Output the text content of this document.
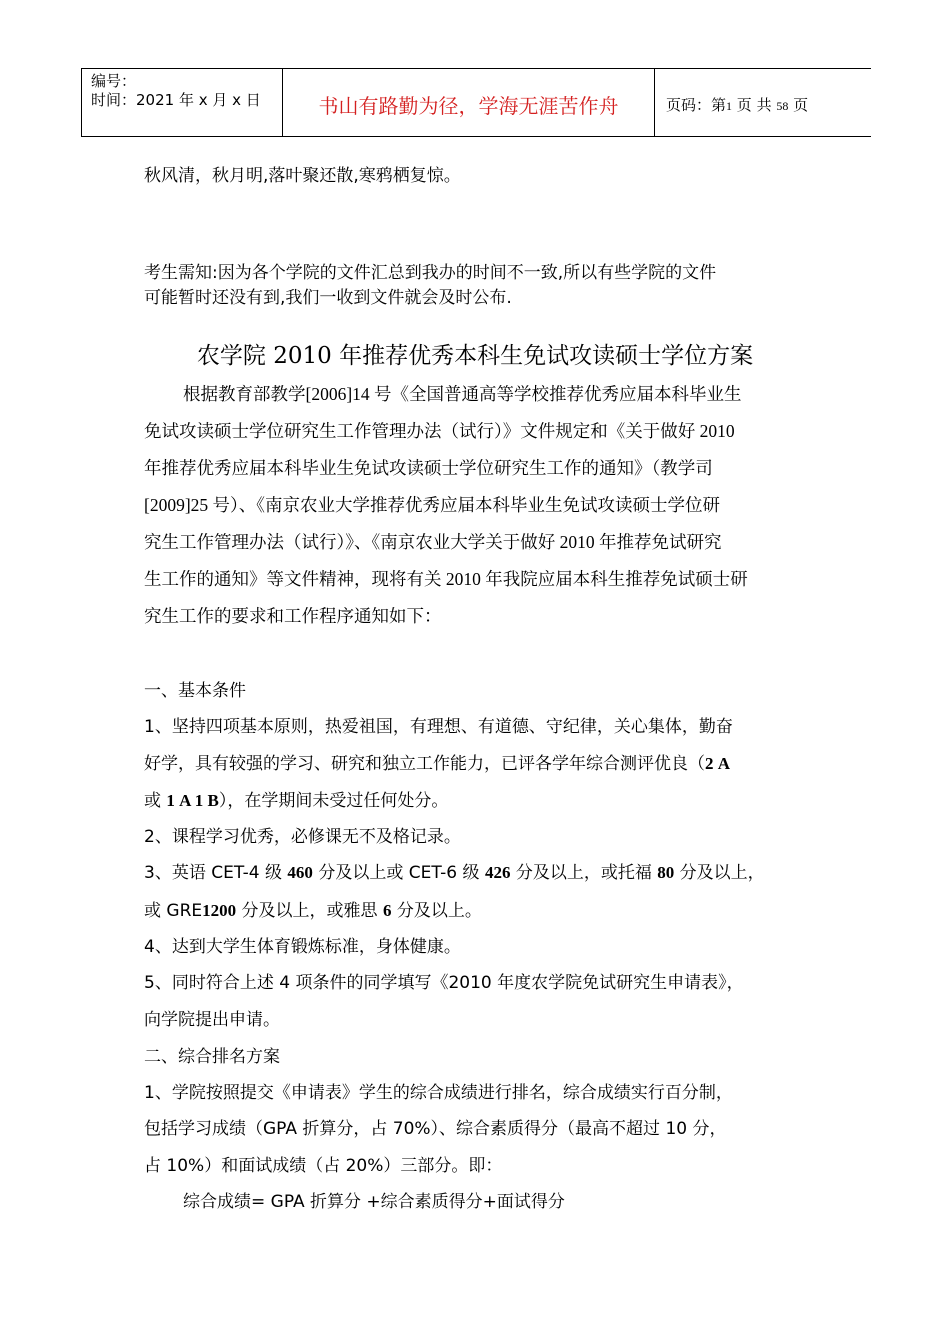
编号：
时间：2021 年 x 月 x 日	书山有路勤为径，学海无涯苦作舟	页码：第1 页 共 58 页
秋风清，秋月明,落叶聚还散,寒鸦栖复惊。
考生需知:因为各个学院的文件汇总到我办的时间不一致,所以有些学院的文件
可能暂时还没有到,我们一收到文件就会及时公布.
农学院 2010 年推荐优秀本科生免试攻读硕士学位方案
根据教育部教学[2006]14 号《全国普通高等学校推荐优秀应届本科毕业生
免试攻读硕士学位研究生工作管理办法（试行）》文件规定和《关于做好 2010
年推荐优秀应届本科毕业生免试攻读硕士学位研究生工作的通知》（教学司
[2009]25 号）、《南京农业大学推荐优秀应届本科毕业生免试攻读硕士学位研
究生工作管理办法（试行）》、《南京农业大学关于做好 2010 年推荐免试研究
生工作的通知》等文件精神，现将有关 2010 年我院应届本科生推荐免试硕士研
究生工作的要求和工作程序通知如下：
一、基本条件
1、坚持四项基本原则，热爱祖国，有理想、有道德、守纪律，关心集体，勤奋
好学，具有较强的学习、研究和独立工作能力，已评各学年综合测评优良（2 A
或 1 A 1 B），在学期间未受过任何处分。
2、课程学习优秀，必修课无不及格记录。
3、英语 CET-4 级 460 分及以上或 CET-6 级 426 分及以上，或托福 80 分及以上，
或 GRE1200 分及以上，或雅思 6 分及以上。
4、达到大学生体育锻炼标准，身体健康。
5、同时符合上述 4 项条件的同学填写《2010 年度农学院免试研究生申请表》，
向学院提出申请。
二、综合排名方案
1、学院按照提交《申请表》学生的综合成绩进行排名，综合成绩实行百分制，
包括学习成绩（GPA 折算分，占 70%）、综合素质得分（最高不超过 10 分，
占 10%）和面试成绩（占 20%）三部分。即：
综合成绩= GPA 折算分 +综合素质得分+面试得分
